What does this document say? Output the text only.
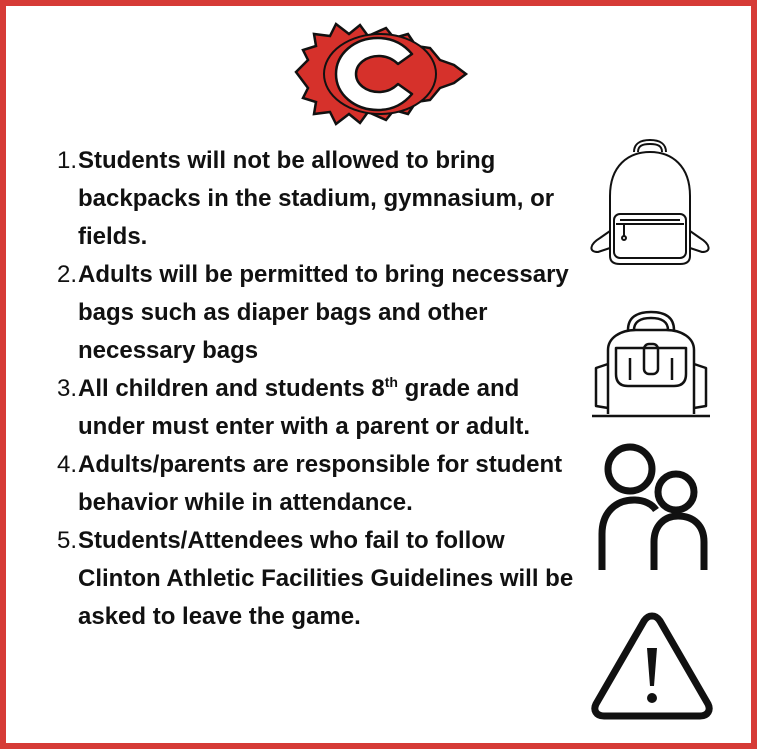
1. Students will not be allowed to bring backpacks in the stadium, gymnasium, or fields.
2. Adults will be permitted to bring necessary bags such as diaper bags and other necessary bags
3. All children and students 8th grade and under must enter with a parent or adult.
4. Adults/parents are responsible for student behavior while in attendance.
5. Students/Attendees who fail to follow Clinton Athletic Facilities Guidelines will be asked to leave the game.
